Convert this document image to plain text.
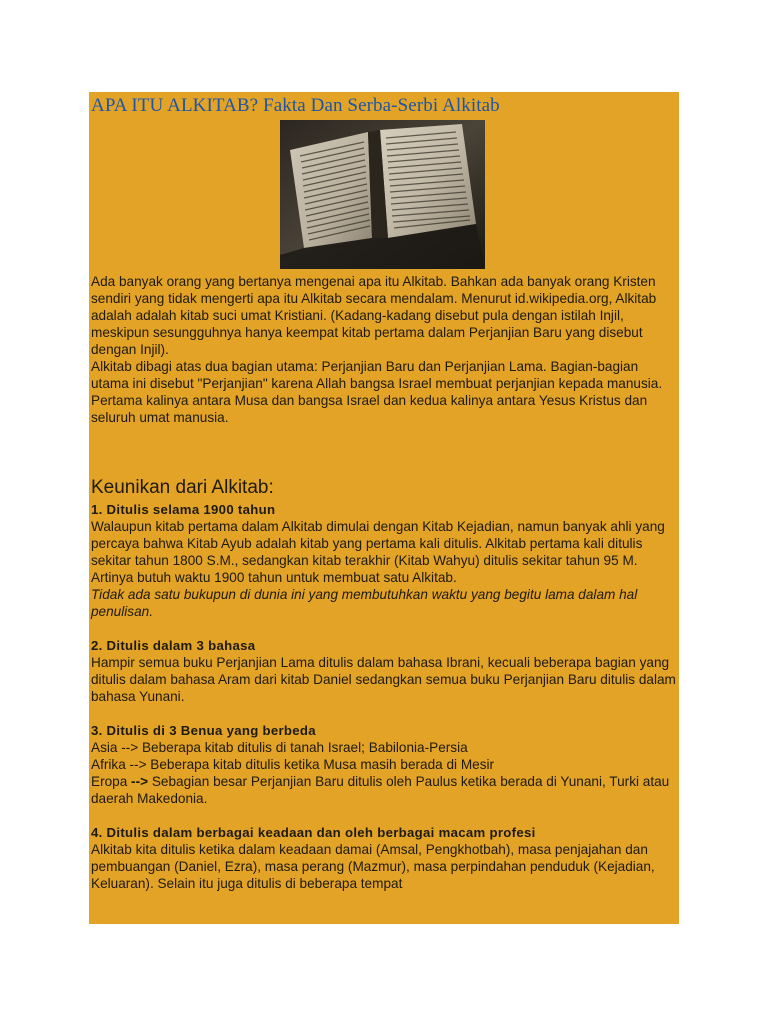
APA ITU ALKITAB? Fakta Dan Serba-Serbi Alkitab

Ada banyak orang yang bertanya mengenai apa itu Alkitab. Bahkan ada banyak orang Kristen sendiri yang tidak mengerti apa itu Alkitab secara mendalam. Menurut id.wikipedia.org, Alkitab adalah adalah kitab suci umat Kristiani. (Kadang-kadang disebut pula dengan istilah Injil, meskipun sesungguhnya hanya keempat kitab pertama dalam Perjanjian Baru yang disebut dengan Injil).

Alkitab dibagi atas dua bagian utama: Perjanjian Baru dan Perjanjian Lama. Bagian-bagian utama ini disebut "Perjanjian" karena Allah bangsa Israel membuat perjanjian kepada manusia. Pertama kalinya antara Musa dan bangsa Israel dan kedua kalinya antara Yesus Kristus dan seluruh umat manusia.

Keunikan dari Alkitab:

1. Ditulis selama 1900 tahun

Walaupun kitab pertama dalam Alkitab dimulai dengan Kitab Kejadian, namun banyak ahli yang percaya bahwa Kitab Ayub adalah kitab yang pertama kali ditulis. Alkitab pertama kali ditulis sekitar tahun 1800 S.M., sedangkan kitab terakhir (Kitab Wahyu) ditulis sekitar tahun 95 M. Artinya butuh waktu 1900 tahun untuk membuat satu Alkitab.

Tidak ada satu bukupun di dunia ini yang membutuhkan waktu yang begitu lama dalam hal penulisan.

2. Ditulis dalam 3 bahasa

Hampir semua buku Perjanjian Lama ditulis dalam bahasa Ibrani, kecuali beberapa bagian yang ditulis dalam bahasa Aram dari kitab Daniel sedangkan semua buku Perjanjian Baru ditulis dalam bahasa Yunani.

3. Ditulis di 3 Benua yang berbeda

Asia --> Beberapa kitab ditulis di tanah Israel; Babilonia-Persia

Afrika --> Beberapa kitab ditulis ketika Musa masih berada di Mesir

Eropa --> Sebagian besar Perjanjian Baru ditulis oleh Paulus ketika berada di Yunani, Turki atau daerah Makedonia.

4. Ditulis dalam berbagai keadaan dan oleh berbagai macam profesi

Alkitab kita ditulis ketika dalam keadaan damai (Amsal, Pengkhotbah), masa penjajahan dan pembuangan (Daniel, Ezra), masa perang (Mazmur), masa perpindahan penduduk (Kejadian, Keluaran). Selain itu juga ditulis di beberapa tempat
